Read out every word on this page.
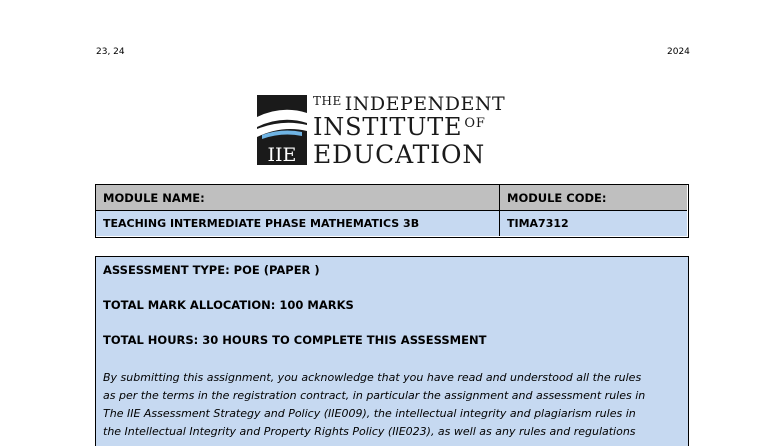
23, 24	2024
IIE
$^{THE}$ INDEPENDENT
INSTITUTE $^{OF}$
EDUCATION
MODULE NAME:	MODULE CODE:
TEACHING INTERMEDIATE PHASE MATHEMATICS 3B	TIMA7312
ASSESSMENT TYPE: POE (PAPER )
TOTAL MARK ALLOCATION: 100 MARKS
TOTAL HOURS: 30 HOURS TO COMPLETE THIS ASSESSMENT
By submitting this assignment, you acknowledge that you have read and understood all the rules
as per the terms in the registration contract, in particular the assignment and assessment rules in
The IIE Assessment Strategy and Policy (IIE009), the intellectual integrity and plagiarism rules in
the Intellectual Integrity and Property Rights Policy (IIE023), as well as any rules and regulations
